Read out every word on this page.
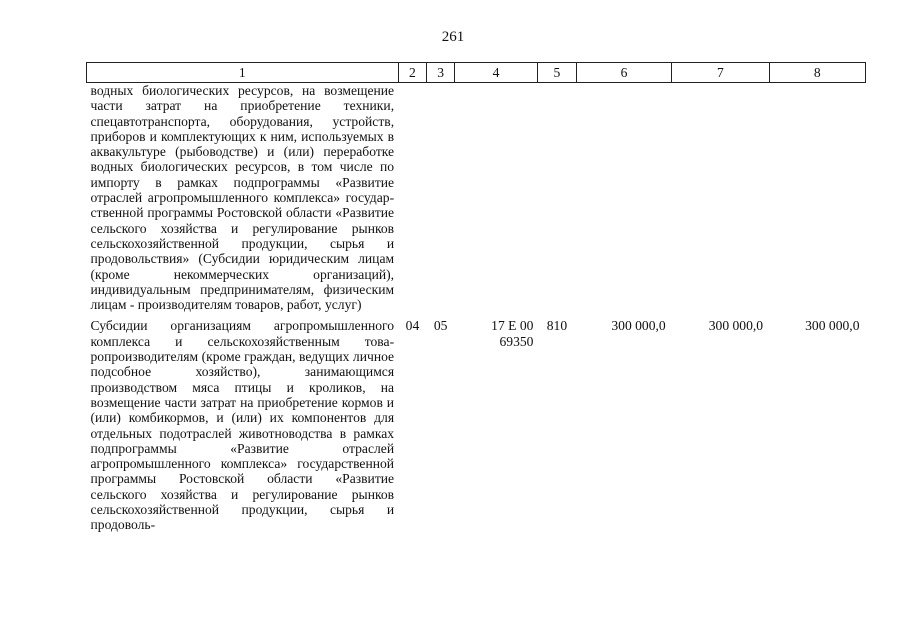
261
1	2	3	4	5	6	7	8
водных биологических ресурсов, на возмещение части затрат на приобретение техники, спецавтотранспорта, оборудования, устройств, приборов и комплектующих к ним, используемых в аквакультуре (рыбоводстве) и (или) переработке водных биологических ресурсов, в том числе по импорту в рамках подпрограммы «Развитие отраслей агропромышленного комплекса» государственной программы Ростовской области «Развитие сельского хозяйства и регулирование рынков сельскохозяйственной продукции, сырья и продовольствия» (Субсидии юридическим лицам (кроме некоммерческих организаций), индивидуальным предпринимателям, физическим лицам - производителям товаров, работ, услуг)							
Субсидии организациям агропромышленного комплекса и сельскохозяйственным товаропроизводителям (кроме граждан, ведущих личное подсобное хозяйство), занимающимся производством мяса птицы и кроликов, на возмещение части затрат на приобретение кормов и (или) комбикормов, и (или) их компонентов для отдельных подотраслей животноводства в рамках подпрограммы «Развитие отраслей агропромышленного комплекса» государственной программы Ростовской области «Развитие сельского хозяйства и регулирование рынков сельскохозяйственной продукции, сырья и продоволь-	04	05	17 Е 00 69350	810	300 000,0	300 000,0	300 000,0
